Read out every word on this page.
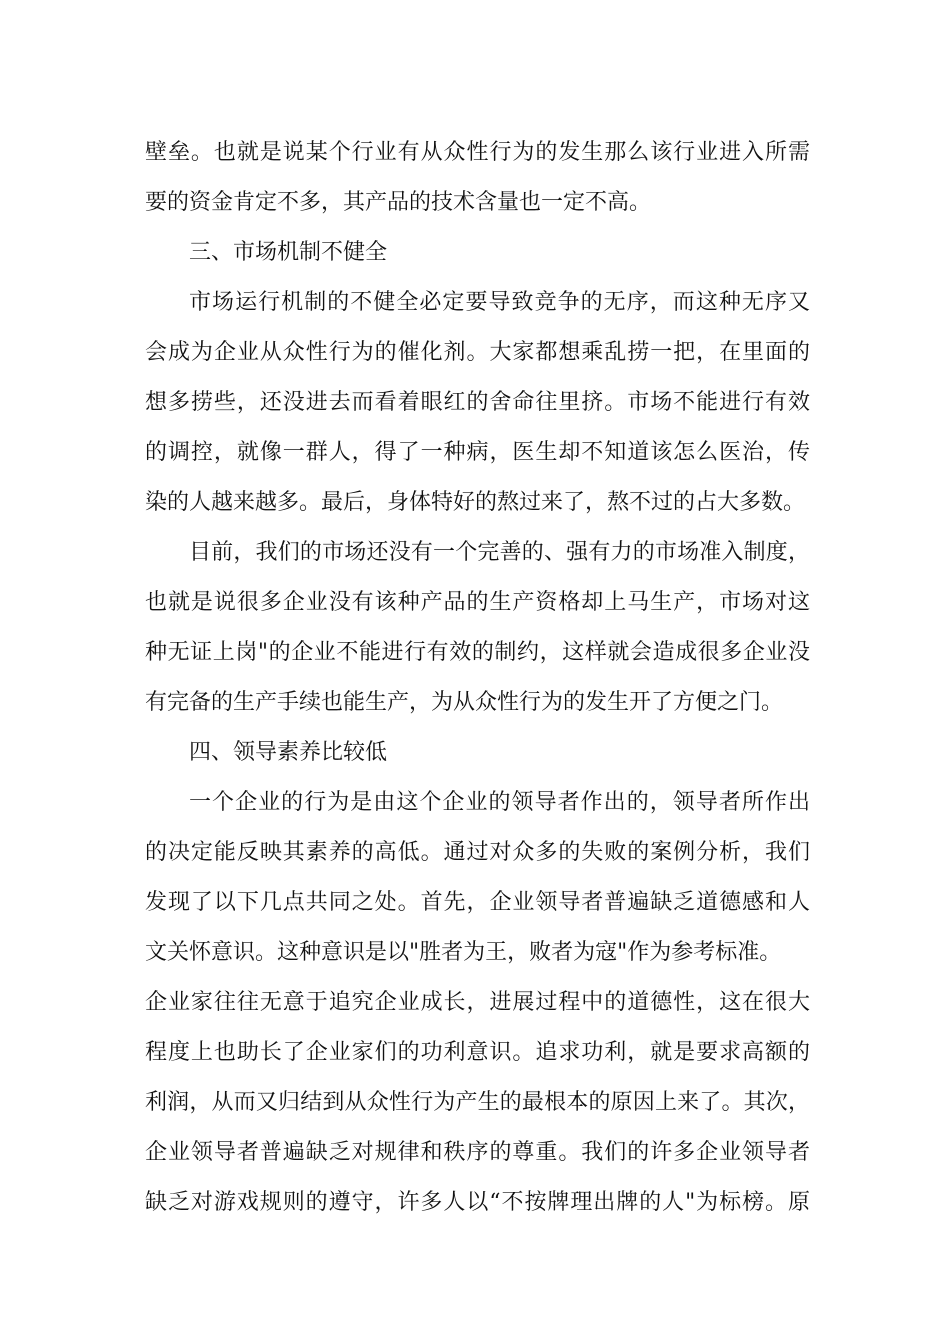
壁垒。也就是说某个行业有从众性行为的发生那么该行业进入所需
要的资金肯定不多，其产品的技术含量也一定不高。
三、市场机制不健全
市场运行机制的不健全必定要导致竞争的无序，而这种无序又
会成为企业从众性行为的催化剂。大家都想乘乱捞一把，在里面的
想多捞些，还没进去而看着眼红的舍命往里挤。市场不能进行有效
的调控，就像一群人，得了一种病，医生却不知道该怎么医治，传
染的人越来越多。最后，身体特好的熬过来了，熬不过的占大多数。
目前，我们的市场还没有一个完善的、强有力的市场准入制度，
也就是说很多企业没有该种产品的生产资格却上马生产，市场对这
种无证上岗"的企业不能进行有效的制约，这样就会造成很多企业没
有完备的生产手续也能生产，为从众性行为的发生开了方便之门。
四、领导素养比较低
一个企业的行为是由这个企业的领导者作出的，领导者所作出
的决定能反映其素养的高低。通过对众多的失败的案例分析，我们
发现了以下几点共同之处。首先，企业领导者普遍缺乏道德感和人
文关怀意识。这种意识是以"胜者为王，败者为寇"作为参考标准。
企业家往往无意于追究企业成长，进展过程中的道德性，这在很大
程度上也助长了企业家们的功利意识。追求功利，就是要求高额的
利润，从而又归结到从众性行为产生的最根本的原因上来了。其次，
企业领导者普遍缺乏对规律和秩序的尊重。我们的许多企业领导者
缺乏对游戏规则的遵守，许多人以“不按牌理出牌的人"为标榜。原
